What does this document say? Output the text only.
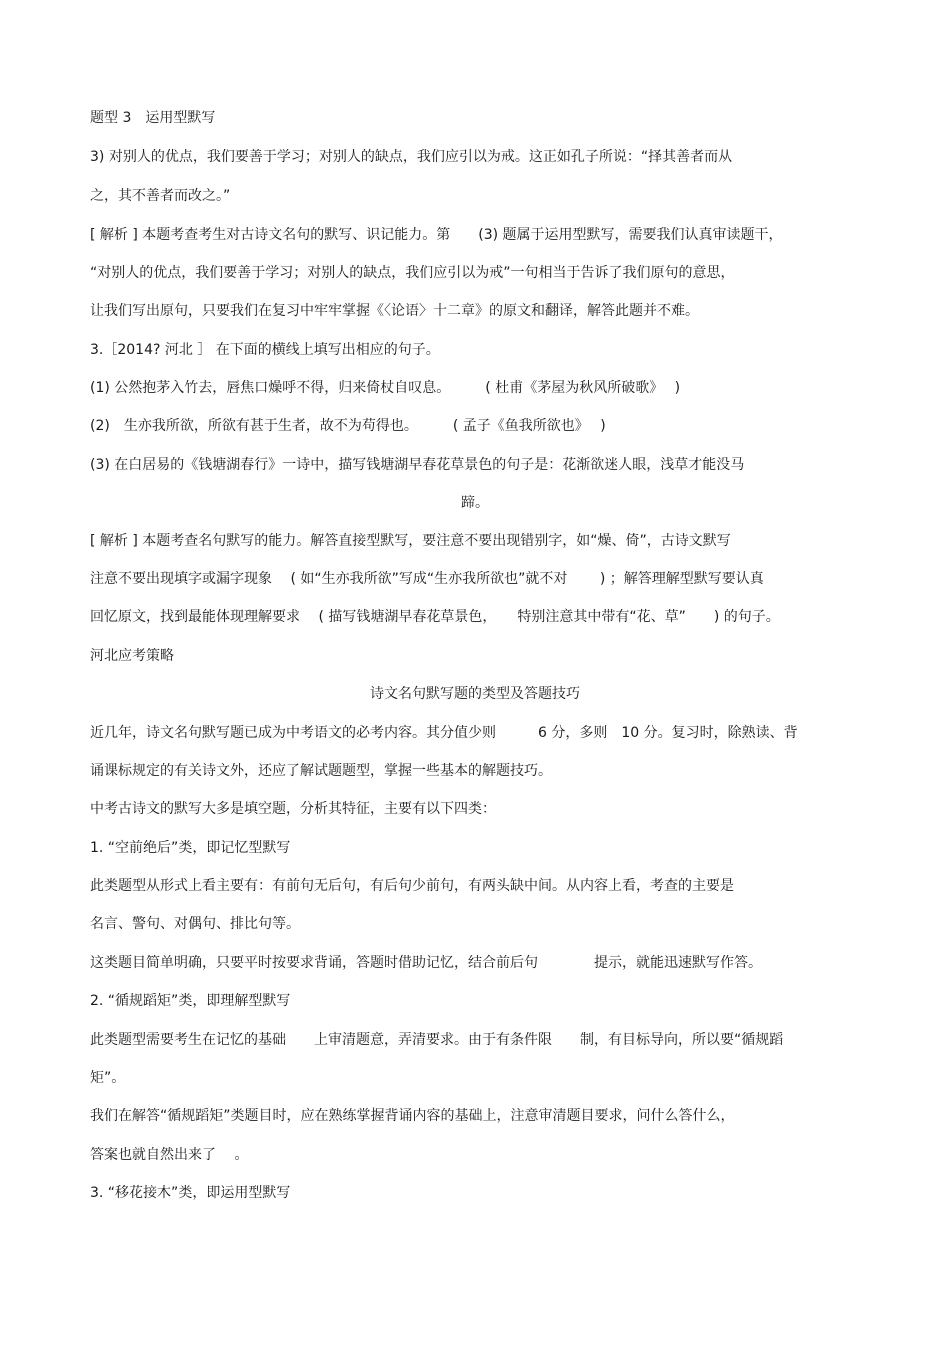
题型 3　运用型默写
3) 对别人的优点，我们要善于学习；对别人的缺点，我们应引以为戒。这正如孔子所说：“择其善者而从
之，其不善者而改之。”
[ 解析 ] 本题考查考生对古诗文名句的默写、识记能力。第　　(3) 题属于运用型默写，需要我们认真审读题干，
“对别人的优点，我们要善于学习；对别人的缺点，我们应引以为戒”一句相当于告诉了我们原句的意思，
让我们写出原句，只要我们在复习中牢牢掌握《〈论语〉十二章》的原文和翻译，解答此题并不难。
3.［2014? 河北 ］ 在下面的横线上填写出相应的句子。
(1) 公然抱茅入竹去，唇焦口燥呼不得，归来倚杖自叹息。　　　( 杜甫《茅屋为秋风所破歌》　 )
(2)　生亦我所欲，所欲有甚于生者，故不为苟得也。　　　( 孟子《鱼我所欲也》　 )
(3) 在白居易的《钱塘湖春行》一诗中，描写钱塘湖早春花草景色的句子是：花渐欲迷人眼，浅草才能没马
蹄。
[ 解析 ] 本题考查名句默写的能力。解答直接型默写，要注意不要出现错别字，如“燥、倚”，古诗文默写
注意不要出现填字或漏字现象　 ( 如“生亦我所欲”写成“生亦我所欲也”就不对　　 ) ；解答理解型默写要认真
回忆原文，找到最能体现理解要求　 ( 描写钱塘湖早春花草景色，　　特别注意其中带有“花、草”　　) 的句子。
河北应考策略
诗文名句默写题的类型及答题技巧
近几年，诗文名句默写题已成为中考语文的必考内容。其分值少则　　　6 分，多则　10 分。复习时，除熟读、背
诵课标规定的有关诗文外，还应了解试题题型，掌握一些基本的解题技巧。
中考古诗文的默写大多是填空题，分析其特征，主要有以下四类：
1. “空前绝后”类，即记忆型默写
此类题型从形式上看主要有：有前句无后句，有后句少前句，有两头缺中间。从内容上看，考查的主要是
名言、警句、对偶句、排比句等。
这类题目简单明确，只要平时按要求背诵，答题时借助记忆，结合前后句　　　　提示，就能迅速默写作答。
2. “循规蹈矩”类，即理解型默写
此类题型需要考生在记忆的基础　　上审清题意，弄清要求。由于有条件限　　制，有目标导向，所以要“循规蹈
矩”。
我们在解答“循规蹈矩”类题目时，应在熟练掌握背诵内容的基础上，注意审清题目要求，问什么答什么，
答案也就自然出来了　 。
3. “移花接木”类，即运用型默写
